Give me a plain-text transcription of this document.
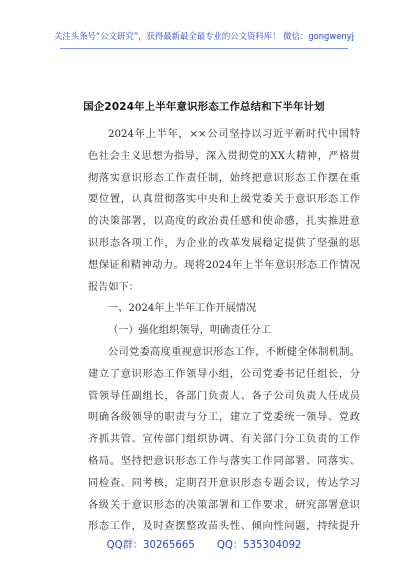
关注头条号“公文研究”，获得最新最全最专业的公文资料库！ 微信：gongwenyj
国企2024年上半年意识形态工作总结和下半年计划
2024年上半年，××公司坚持以习近平新时代中国特
色社会主义思想为指导，深入贯彻党的XX大精神，严格贯
彻落实意识形态工作责任制，始终把意识形态工作摆在重
要位置，认真贯彻落实中央和上级党委关于意识形态工作
的决策部署，以高度的政治责任感和使命感，扎实推进意
识形态各项工作，为企业的改革发展稳定提供了坚强的思
想保证和精神动力。现将2024年上半年意识形态工作情况
报告如下：
一、2024年上半年工作开展情况
（一）强化组织领导，明确责任分工
公司党委高度重视意识形态工作，不断健全体制机制。
建立了意识形态工作领导小组，公司党委书记任组长，分
管领导任副组长，各部门负责人、各子公司负责人任成员
明确各级领导的职责与分工，建立了党委统一领导、党政
齐抓共管、宣传部门组织协调、有关部门分工负责的工作
格局。坚持把意识形态工作与落实工作同部署、同落实、
同检查、同考核，定期召开意识形态专题会议，传达学习
各级关于意识形态的决策部署和工作要求，研究部署意识
形态工作，及时查摆整改苗头性、倾向性问题，持续提升
QQ群：30265665 QQ：535304092
